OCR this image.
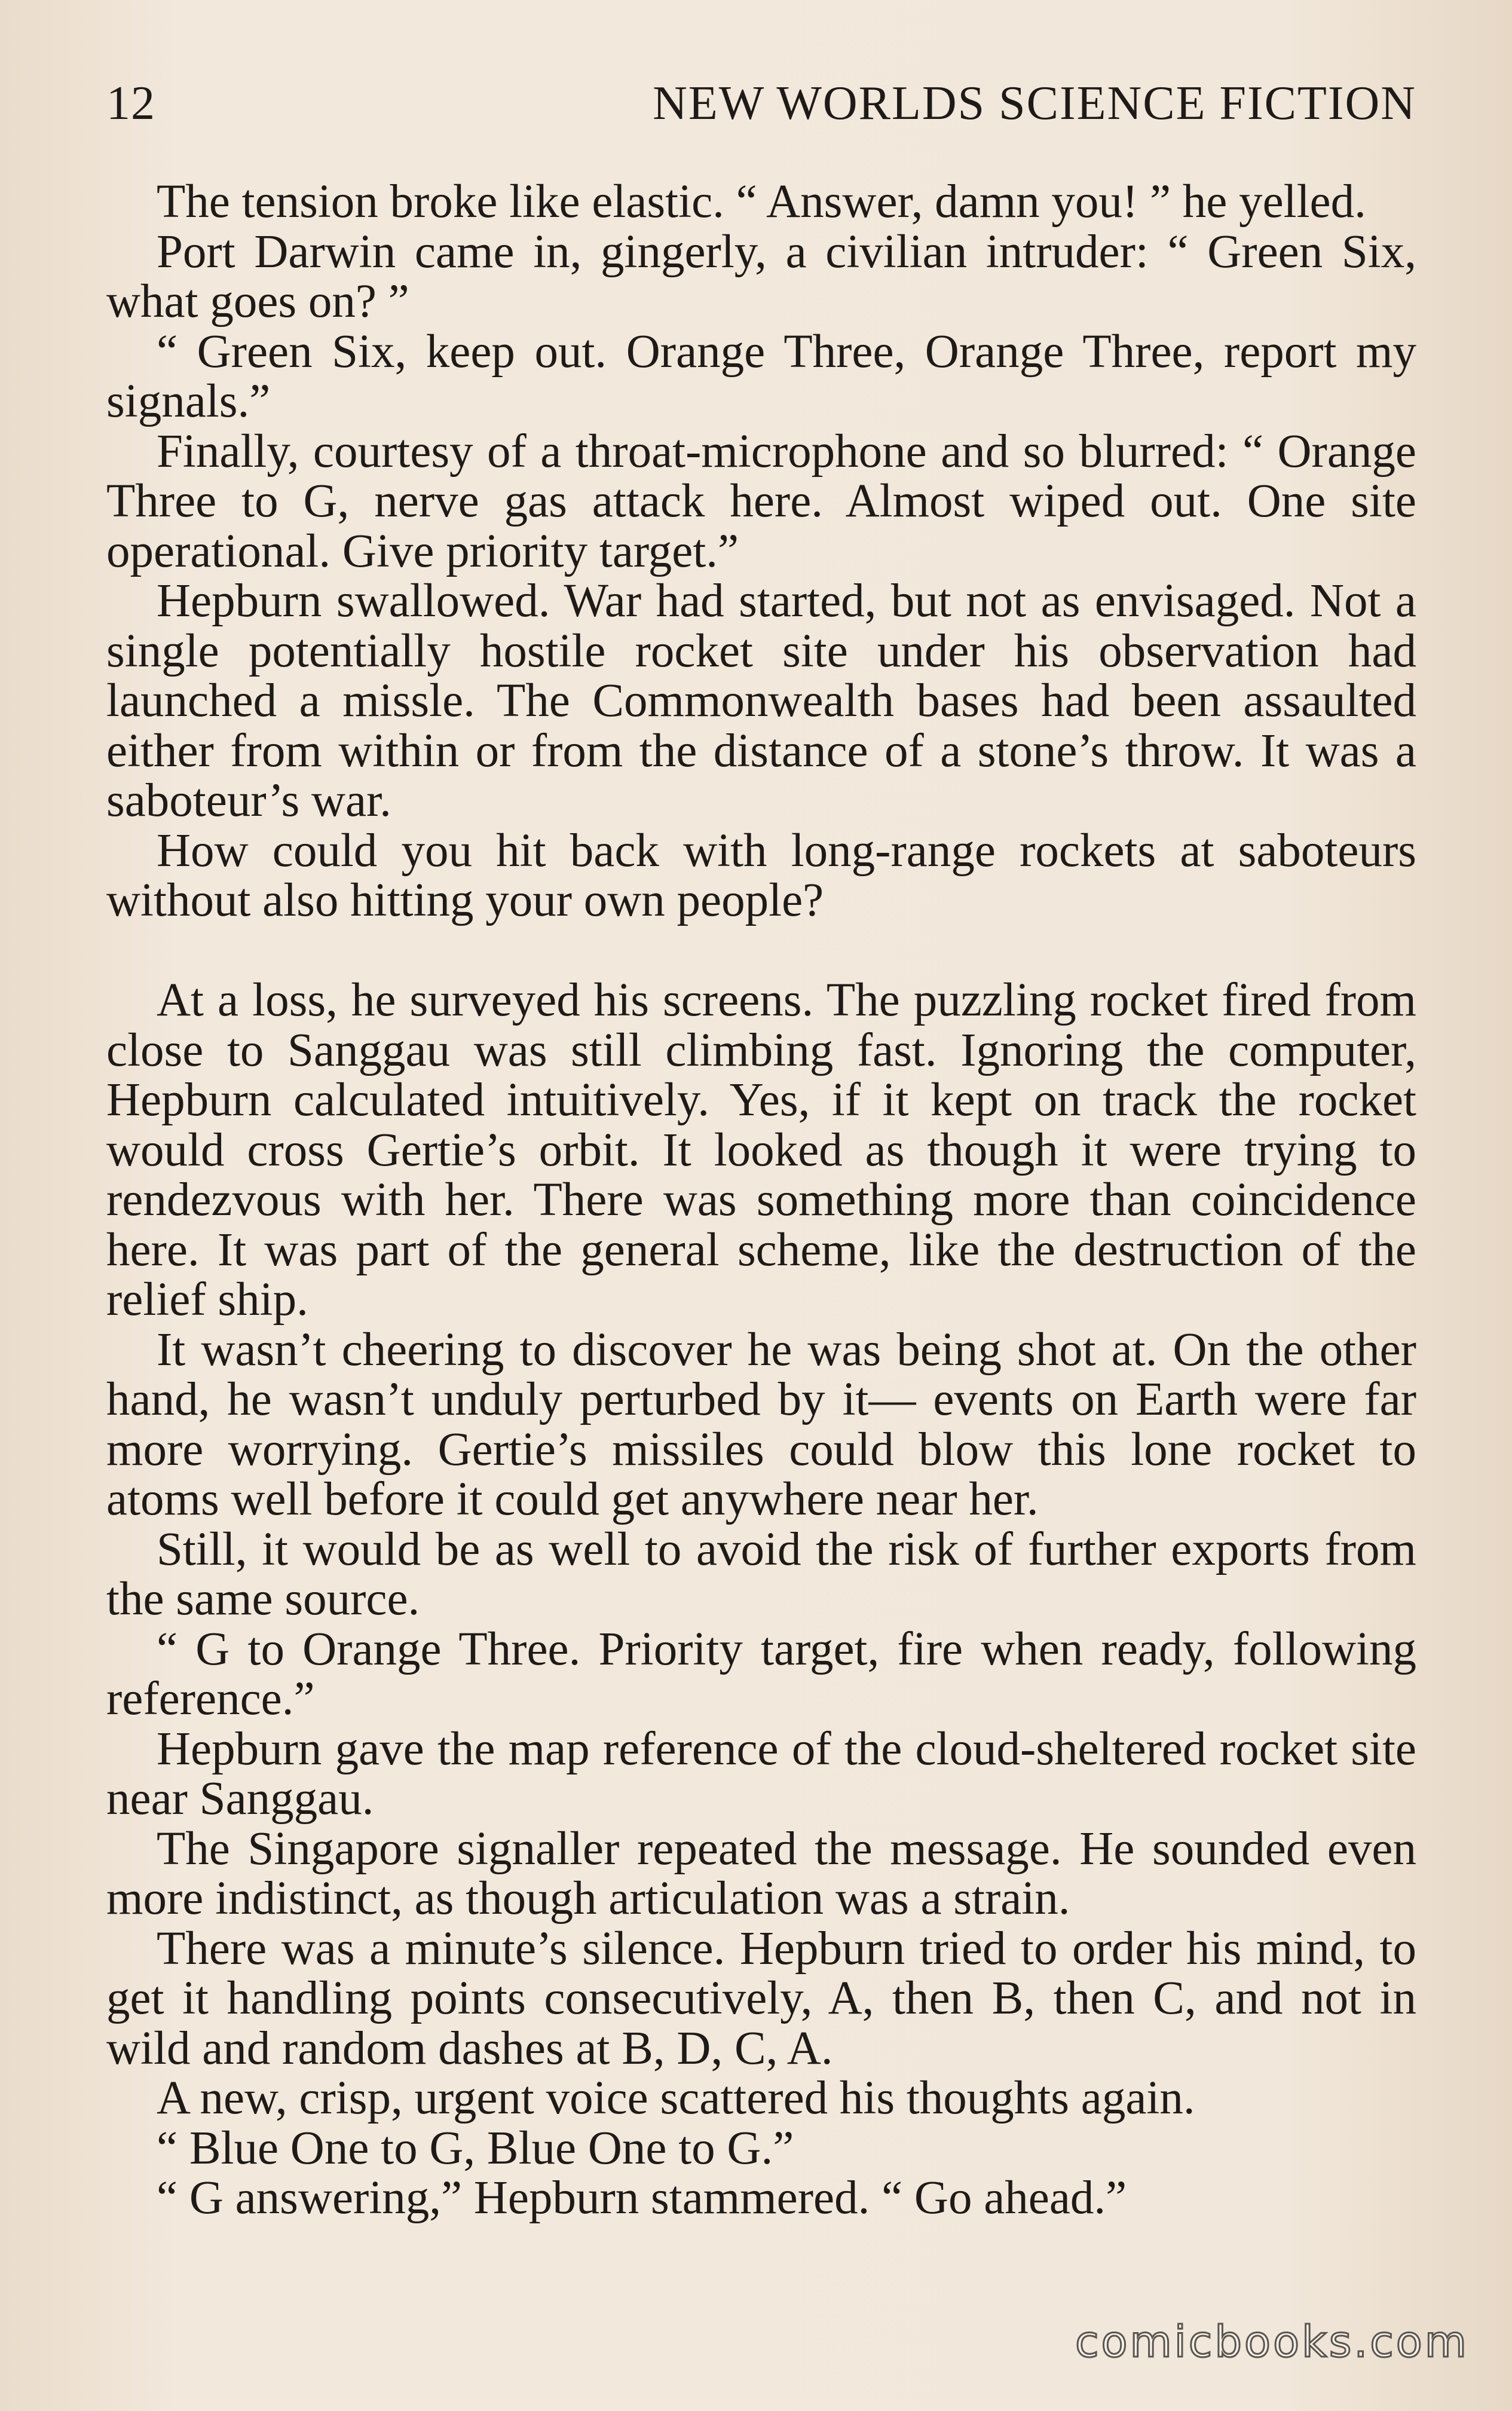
12	NEW WORLDS SCIENCE FICTION

The tension broke like elastic. “ Answer, damn you! ” he yelled.

Port Darwin came in, gingerly, a civilian intruder: “ Green Six, what goes on? ”

“ Green Six, keep out. Orange Three, Orange Three, report my signals.”

Finally, courtesy of a throat-microphone and so blurred: “ Orange Three to G, nerve gas attack here. Almost wiped out. One site operational. Give priority target.”

Hepburn swallowed. War had started, but not as envisaged. Not a single potentially hostile rocket site under his observation had launched a missle. The Commonwealth bases had been assaulted either from within or from the distance of a stone’s throw. It was a saboteur’s war.

How could you hit back with long-range rockets at saboteurs without also hitting your own people?

At a loss, he surveyed his screens. The puzzling rocket fired from close to Sanggau was still climbing fast. Ignoring the computer, Hepburn calculated intuitively. Yes, if it kept on track the rocket would cross Gertie’s orbit. It looked as though it were trying to rendezvous with her. There was something more than coincidence here. It was part of the general scheme, like the destruction of the relief ship.

It wasn’t cheering to discover he was being shot at. On the other hand, he wasn’t unduly perturbed by it— events on Earth were far more worrying. Gertie’s missiles could blow this lone rocket to atoms well before it could get anywhere near her.

Still, it would be as well to avoid the risk of further exports from the same source.

“ G to Orange Three. Priority target, fire when ready, following reference.”

Hepburn gave the map reference of the cloud-sheltered rocket site near Sanggau.

The Singapore signaller repeated the message. He sounded even more indistinct, as though articulation was a strain.

There was a minute’s silence. Hepburn tried to order his mind, to get it handling points consecutively, A, then B, then C, and not in wild and random dashes at B, D, C, A.

A new, crisp, urgent voice scattered his thoughts again.

“ Blue One to G, Blue One to G.”

“ G answering,” Hepburn stammered. “ Go ahead.”

comicbooks.com
